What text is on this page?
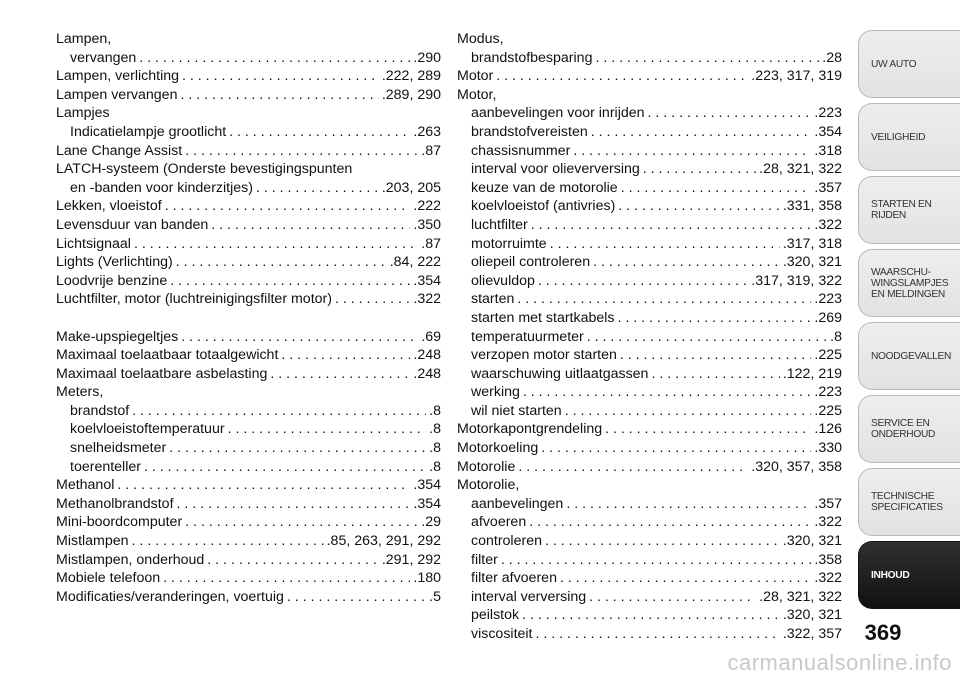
Lampen,
vervangen . . .	.290
Lampen, verlichting . . .	.222, 289
Lampen vervangen . . .	.289, 290
Lampjes
Indicatielampje grootlicht . . .	.263
Lane Change Assist . . .	.87
LATCH-systeem (Onderste bevestigingspunten
en -banden voor kinderzitjes) . . .	.203, 205
Lekken, vloeistof . . .	.222
Levensduur van banden . . .	.350
Lichtsignaal . . .	.87
Lights (Verlichting) . . .	.84, 222
Loodvrije benzine . . .	.354
Luchtfilter, motor (luchtreinigingsfilter motor) . . .	.322
Make-upspiegeltjes . . .	.69
Maximaal toelaatbaar totaalgewicht . . .	.248
Maximaal toelaatbare asbelasting . . .	.248
Meters,
brandstof . . .	.8
koelvloeistoftemperatuur . . .	.8
snelheidsmeter . . .	.8
toerenteller . . .	.8
Methanol . . .	.354
Methanolbrandstof . . .	.354
Mini-boordcomputer . . .	.29
Mistlampen . . .	.85, 263, 291, 292
Mistlampen, onderhoud . . .	.291, 292
Mobiele telefoon . . .	.180
Modificaties/veranderingen, voertuig . . .	.5
Modus,
brandstofbesparing . . .	.28
Motor . . .	.223, 317, 319
Motor,
aanbevelingen voor inrijden . . .	.223
brandstofvereisten . . .	.354
chassisnummer . . .	.318
interval voor olieverversing . . .	.28, 321, 322
keuze van de motorolie . . .	.357
koelvloeistof (antivries) . . .	.331, 358
luchtfilter . . .	.322
motorruimte . . .	.317, 318
oliepeil controleren . . .	.320, 321
olievuldop . . .	.317, 319, 322
starten . . .	.223
starten met startkabels . . .	.269
temperatuurmeter . . .	.8
verzopen motor starten . . .	.225
waarschuwing uitlaatgassen . . .	.122, 219
werking . . .	.223
wil niet starten . . .	.225
Motorkapontgrendeling . . .	.126
Motorkoeling . . .	.330
Motorolie . . .	.320, 357, 358
Motorolie,
aanbevelingen . . .	.357
afvoeren . . .	.322
controleren . . .	.320, 321
filter . . .	.358
filter afvoeren . . .	.322
interval verversing . . .	.28, 321, 322
peilstok . . .	.320, 321
viscositeit . . .	.322, 357
UW AUTO
VEILIGHEID
STARTEN EN RIJDEN
WAARSCHU-WINGSLAMPJES EN MELDINGEN
NOODGEVALLEN
SERVICE EN ONDERHOUD
TECHNISCHE SPECIFICATIES
INHOUD
369
carmanualsonline.info
